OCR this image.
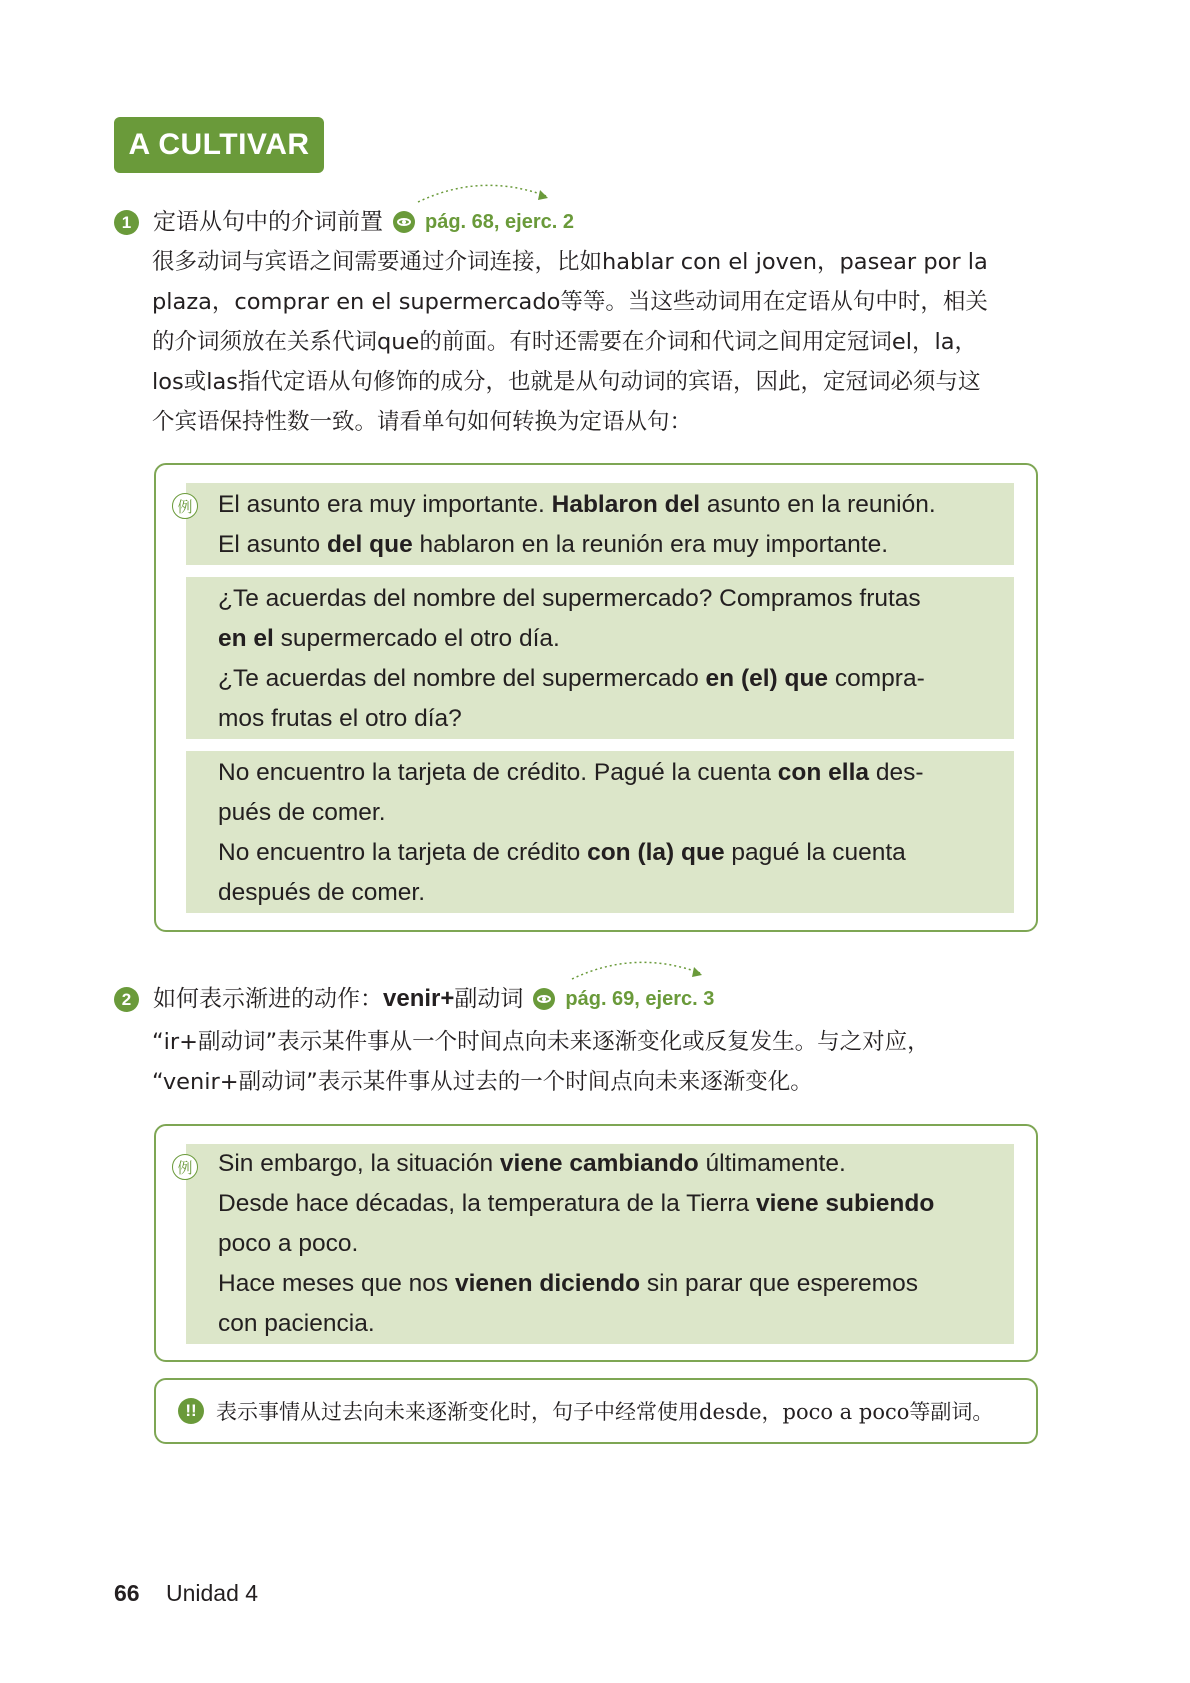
A CULTIVAR
1 定语从句中的介词前置 pág. 68, ejerc. 2
很多动词与宾语之间需要通过介词连接，比如hablar con el joven，pasear por la
plaza，comprar en el supermercado等等。当这些动词用在定语从句中时，相关
的介词须放在关系代词que的前面。有时还需要在介词和代词之间用定冠词el，la，
los或las指代定语从句修饰的成分，也就是从句动词的宾语，因此，定冠词必须与这
个宾语保持性数一致。请看单句如何转换为定语从句：
例 El asunto era muy importante. Hablaron del asunto en la reunión.
El asunto del que hablaron en la reunión era muy importante.
¿Te acuerdas del nombre del supermercado? Compramos frutas
en el supermercado el otro día.
¿Te acuerdas del nombre del supermercado en (el) que compra-
mos frutas el otro día?
No encuentro la tarjeta de crédito. Pagué la cuenta con ella des-
pués de comer.
No encuentro la tarjeta de crédito con (la) que pagué la cuenta
después de comer.
2 如何表示渐进的动作： venir+ 副动词 pág. 69, ejerc. 3
“ir+副动词”表示某件事从一个时间点向未来逐渐变化或反复发生。与之对应，
“venir+副动词”表示某件事从过去的一个时间点向未来逐渐变化。
例 Sin embargo, la situación viene cambiando últimamente.
Desde hace décadas, la temperatura de la Tierra viene subiendo
poco a poco.
Hace meses que nos vienen diciendo sin parar que esperemos
con paciencia.
!! 表示事情从过去向未来逐渐变化时，句子中经常使用desde，poco a poco等副词。
66 Unidad 4
